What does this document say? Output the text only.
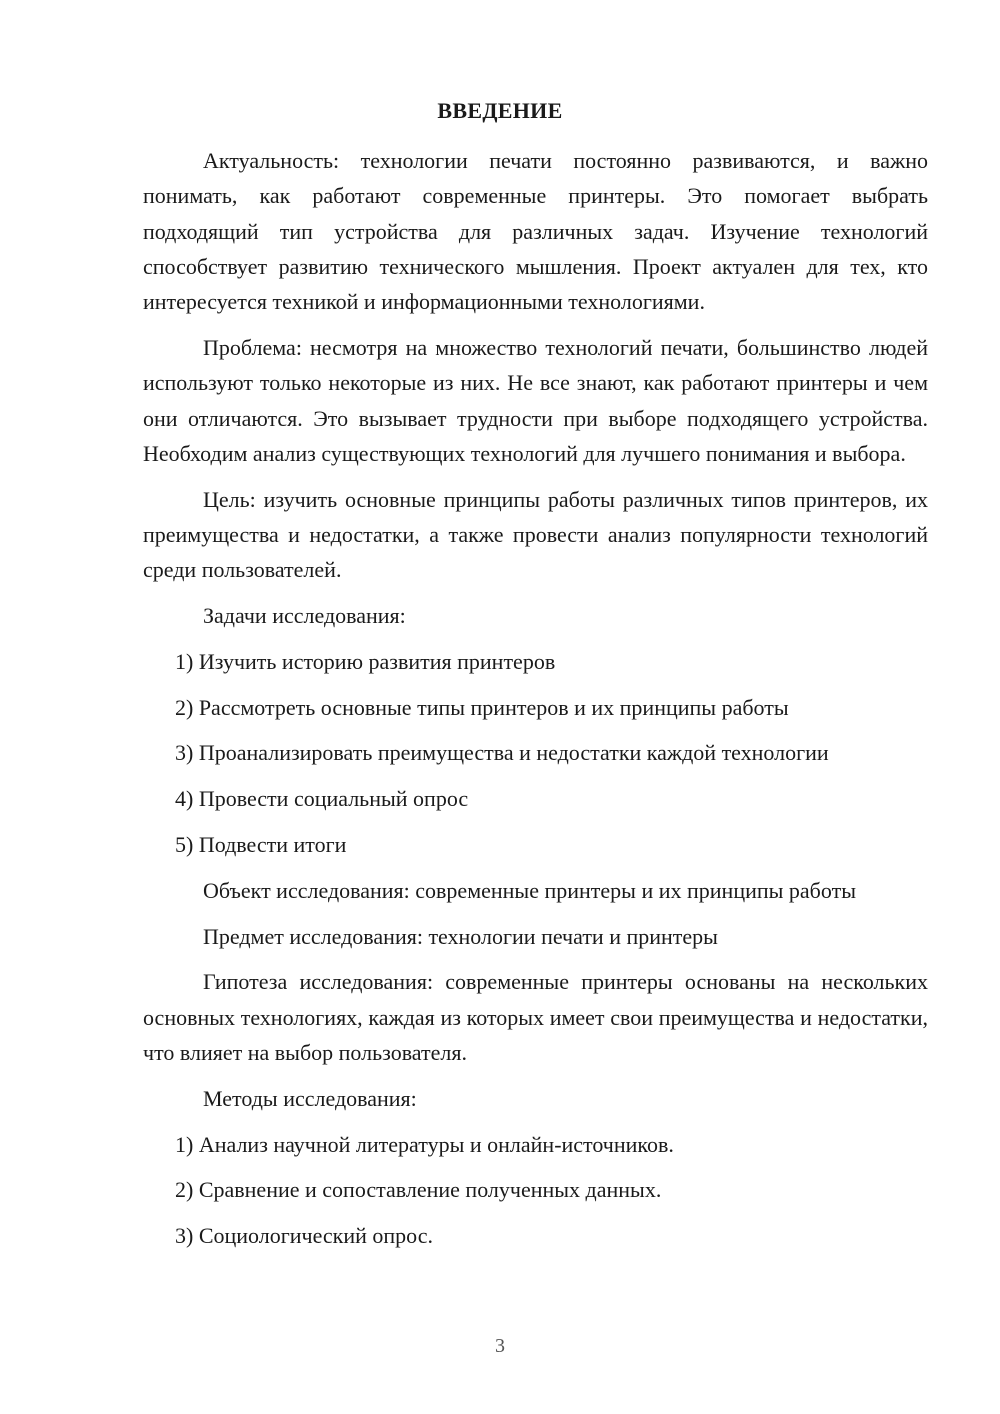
ВВЕДЕНИЕ

Актуальность: технологии печати постоянно развиваются, и важно понимать, как работают современные принтеры. Это помогает выбрать подходящий тип устройства для различных задач. Изучение технологий способствует развитию технического мышления. Проект актуален для тех, кто интересуется техникой и информационными технологиями.

Проблема: несмотря на множество технологий печати, большинство людей используют только некоторые из них. Не все знают, как работают принтеры и чем они отличаются. Это вызывает трудности при выборе подходящего устройства. Необходим анализ существующих технологий для лучшего понимания и выбора.

Цель: изучить основные принципы работы различных типов принтеров, их преимущества и недостатки, а также провести анализ популярности технологий среди пользователей.

Задачи исследования:

1) Изучить историю развития принтеров

2) Рассмотреть основные типы принтеров и их принципы работы

3) Проанализировать преимущества и недостатки каждой технологии

4) Провести социальный опрос

5) Подвести итоги

Объект исследования: современные принтеры и их принципы работы

Предмет исследования: технологии печати и принтеры

Гипотеза исследования: современные принтеры основаны на нескольких основных технологиях, каждая из которых имеет свои преимущества и недостатки, что влияет на выбор пользователя.

Методы исследования:

1) Анализ научной литературы и онлайн-источников.

2) Сравнение и сопоставление полученных данных.

3) Социологический опрос.

3
